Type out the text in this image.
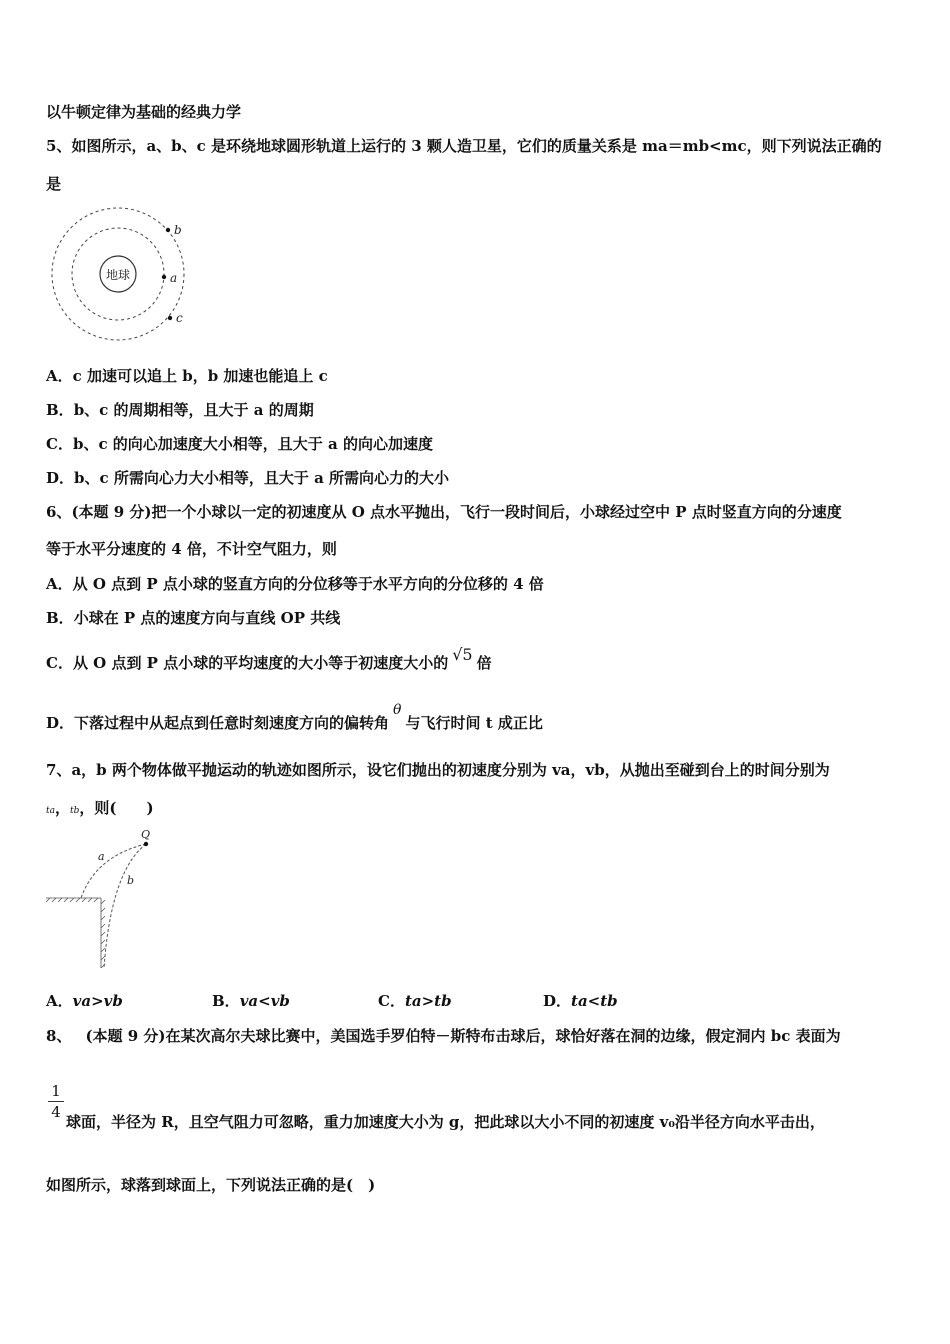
以牛顿定律为基础的经典力学
5、如图所示，a、b、c 是环绕地球圆形轨道上运行的 3 颗人造卫星，它们的质量关系是 ma＝mb<mc，则下列说法正确的
是
地球	a
b
c
A．c 加速可以追上 b，b 加速也能追上 c
B．b、c 的周期相等，且大于 a 的周期
C．b、c 的向心加速度大小相等，且大于 a 的向心加速度
D．b、c 所需向心力大小相等，且大于 a 所需向心力的大小
6、(本题 9 分)把一个小球以一定的初速度从 O 点水平抛出，飞行一段时间后，小球经过空中 P 点时竖直方向的分速度
等于水平分速度的 4 倍，不计空气阻力，则
A．从 O 点到 P 点小球的竖直方向的分位移等于水平方向的分位移的 4 倍
B．小球在 P 点的速度方向与直线 OP 共线
C．从 O 点到 P 点小球的平均速度的大小等于初速度大小的 √5 倍
D．下落过程中从起点到任意时刻速度方向的偏转角θ与飞行时间 t 成正比
7、a，b 两个物体做平抛运动的轨迹如图所示，设它们抛出的初速度分别为 va，vb，从抛出至碰到台上的时间分别为
ta，tb，则(　　)
Q
a
b
A．va>vb	B．va<vb	C．ta>tb	D．ta<tb
8、 (本题 9 分)在某次高尔夫球比赛中，美国选手罗伯特－斯特布击球后，球恰好落在洞的边缘，假定洞内 bc 表面为
1
4
球面，半径为 R，且空气阻力可忽略，重力加速度大小为 g，把此球以大小不同的初速度 v₀沿半径方向水平击出，
如图所示，球落到球面上，下列说法正确的是(　)
